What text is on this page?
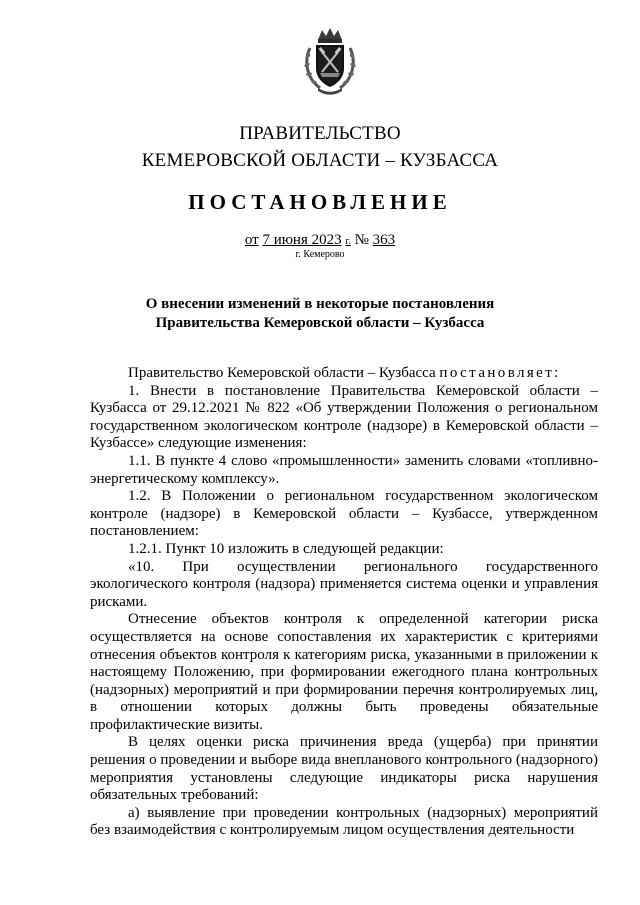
ПРАВИТЕЛЬСТВО
КЕМЕРОВСКОЙ ОБЛАСТИ – КУЗБАССА
ПОСТАНОВЛЕНИЕ
от 7 июня 2023 г. № 363
г. Кемерово
О внесении изменений в некоторые постановления
Правительства Кемеровской области – Кузбасса

Правительство Кемеровской области – Кузбасса постановляет:

1. Внести в постановление Правительства Кемеровской области – Кузбасса от 29.12.2021 № 822 «Об утверждении Положения о региональном государственном экологическом контроле (надзоре) в Кемеровской области – Кузбассе» следующие изменения:

1.1. В пункте 4 слово «промышленности» заменить словами «топливно-энергетическому комплексу».

1.2. В Положении о региональном государственном экологическом контроле (надзоре) в Кемеровской области – Кузбассе, утвержденном постановлением:

1.2.1. Пункт 10 изложить в следующей редакции:

«10. При осуществлении регионального государственного экологического контроля (надзора) применяется система оценки и управления рисками.

Отнесение объектов контроля к определенной категории риска осуществляется на основе сопоставления их характеристик с критериями отнесения объектов контроля к категориям риска, указанными в приложении к настоящему Положению, при формировании ежегодного плана контрольных (надзорных) мероприятий и при формировании перечня контролируемых лиц, в отношении которых должны быть проведены обязательные профилактические визиты.

В целях оценки риска причинения вреда (ущерба) при принятии решения о проведении и выборе вида внепланового контрольного (надзорного) мероприятия установлены следующие индикаторы риска нарушения обязательных требований:

а) выявление при проведении контрольных (надзорных) мероприятий без взаимодействия с контролируемым лицом осуществления деятельности
